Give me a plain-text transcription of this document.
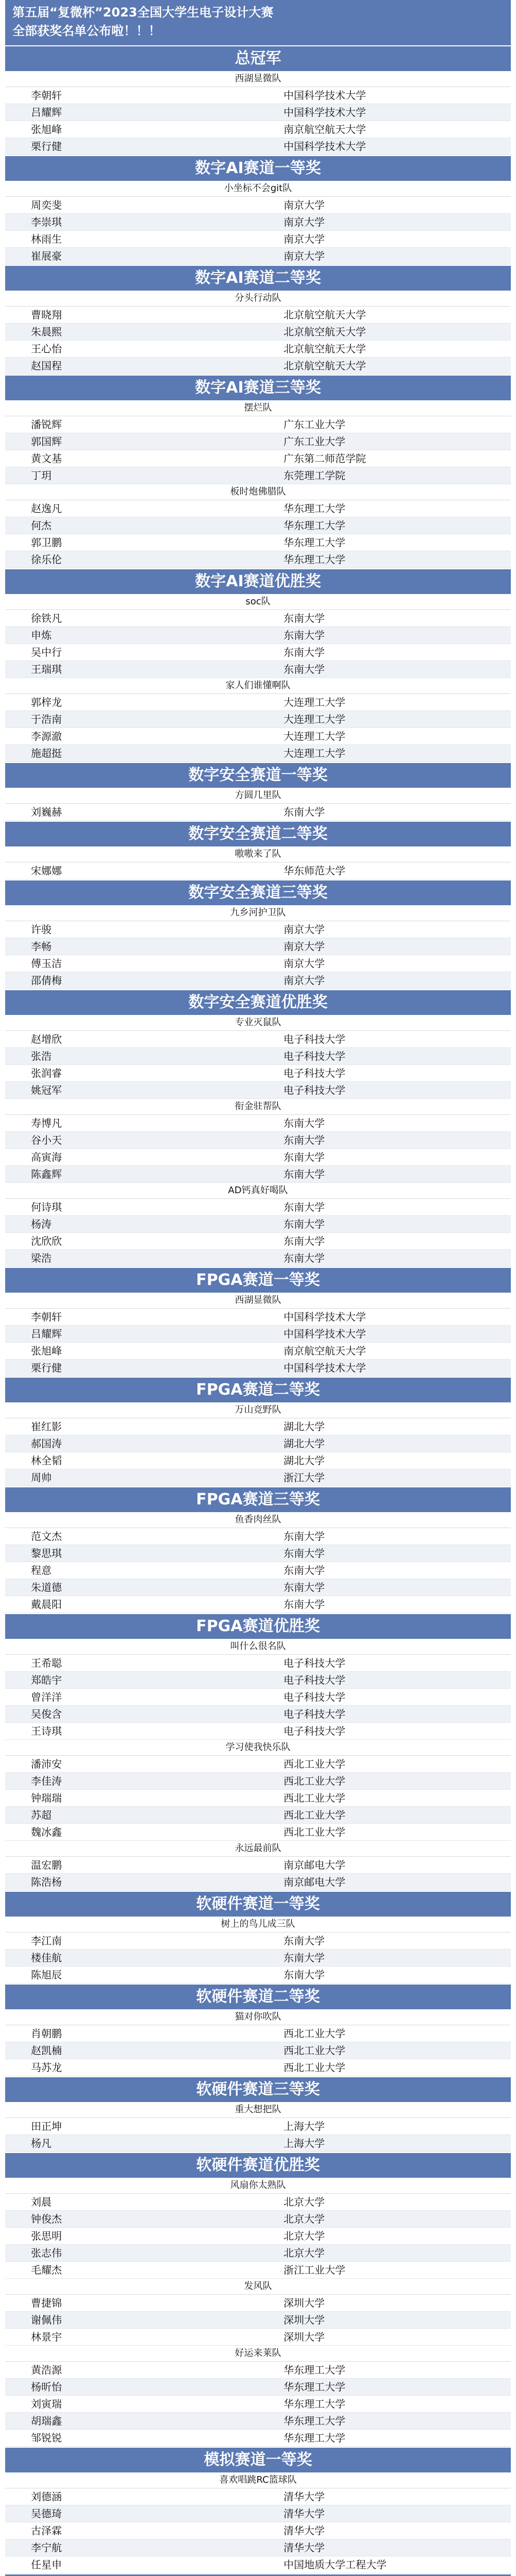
第五届“复微杯”2023全国大学生电子设计大赛
全部获奖名单公布啦！！！
总冠军
西湖显微队
李朝轩	中国科学技术大学
吕耀辉	中国科学技术大学
张旭峰	南京航空航天大学
栗行健	中国科学技术大学
数字AI赛道一等奖
小坐标不会git队
周奕斐	南京大学
李崇琪	南京大学
林雨生	南京大学
崔展豪	南京大学
数字AI赛道二等奖
分头行动队
曹晓翔	北京航空航天大学
朱晨熙	北京航空航天大学
王心怡	北京航空航天大学
赵国程	北京航空航天大学
数字AI赛道三等奖
摆烂队
潘锐辉	广东工业大学
郭国辉	广东工业大学
黄文基	广东第二师范学院
丁玥	东莞理工学院
板时炮佛腊队
赵逸凡	华东理工大学
何杰	华东理工大学
郭卫鹏	华东理工大学
徐乐伦	华东理工大学
数字AI赛道优胜奖
soc队
徐铁凡	东南大学
申炼	东南大学
吴中行	东南大学
王瑞琪	东南大学
家人们谁懂啊队
郭梓龙	大连理工大学
于浩南	大连理工大学
李源澈	大连理工大学
施超挺	大连理工大学
数字安全赛道一等奖
方圆几里队
刘巍赫	东南大学
数字安全赛道二等奖
嗷嗷来了队
宋娜娜	华东师范大学
数字安全赛道三等奖
九乡河护卫队
许骏	南京大学
李畅	南京大学
傅玉洁	南京大学
邵倩梅	南京大学
数字安全赛道优胜奖
专业灭鼠队
赵增欣	电子科技大学
张浩	电子科技大学
张润睿	电子科技大学
姚冠军	电子科技大学
衔金驻帮队
寿博凡	东南大学
谷小天	东南大学
高寅海	东南大学
陈鑫辉	东南大学
AD钙真好喝队
何诗琪	东南大学
杨涛	东南大学
沈欣欣	东南大学
梁浩	东南大学
FPGA赛道一等奖
西湖显微队
李朝轩	中国科学技术大学
吕耀辉	中国科学技术大学
张旭峰	南京航空航天大学
栗行健	中国科学技术大学
FPGA赛道二等奖
万山竞野队
崔红影	湖北大学
郝国涛	湖北大学
林全韬	湖北大学
周帅	浙江大学
FPGA赛道三等奖
鱼香肉丝队
范文杰	东南大学
黎思琪	东南大学
程意	东南大学
朱道德	东南大学
戴晨阳	东南大学
FPGA赛道优胜奖
叫什么很名队
王希聪	电子科技大学
郑皓宇	电子科技大学
曾洋洋	电子科技大学
吴俊含	电子科技大学
王诗琪	电子科技大学
学习使我快乐队
潘沛安	西北工业大学
李佳涛	西北工业大学
钟瑞瑞	西北工业大学
苏超	西北工业大学
魏冰鑫	西北工业大学
永远最前队
温宏鹏	南京邮电大学
陈浩杨	南京邮电大学
软硬件赛道一等奖
树上的鸟儿成三队
李江南	东南大学
楼佳航	东南大学
陈旭辰	东南大学
软硬件赛道二等奖
猫对你吹队
肖朝鹏	西北工业大学
赵凯楠	西北工业大学
马苏龙	西北工业大学
软硬件赛道三等奖
重大想把队
田正坤	上海大学
杨凡	上海大学
软硬件赛道优胜奖
风扇你太熟队
刘晨	北京大学
钟俊杰	北京大学
张思明	北京大学
张志伟	北京大学
毛耀杰	浙江工业大学
发风队
曹捷锦	深圳大学
谢佩伟	深圳大学
林景宇	深圳大学
好运来莱队
黄浩源	华东理工大学
杨昕怡	华东理工大学
刘寅瑞	华东理工大学
胡瑞鑫	华东理工大学
邹锐锐	华东理工大学
模拟赛道一等奖
喜欢唱跳RC篮球队
刘德涵	清华大学
吴德琦	清华大学
古泽霖	清华大学
李宁航	清华大学
任星申	中国地质大学工程大学
